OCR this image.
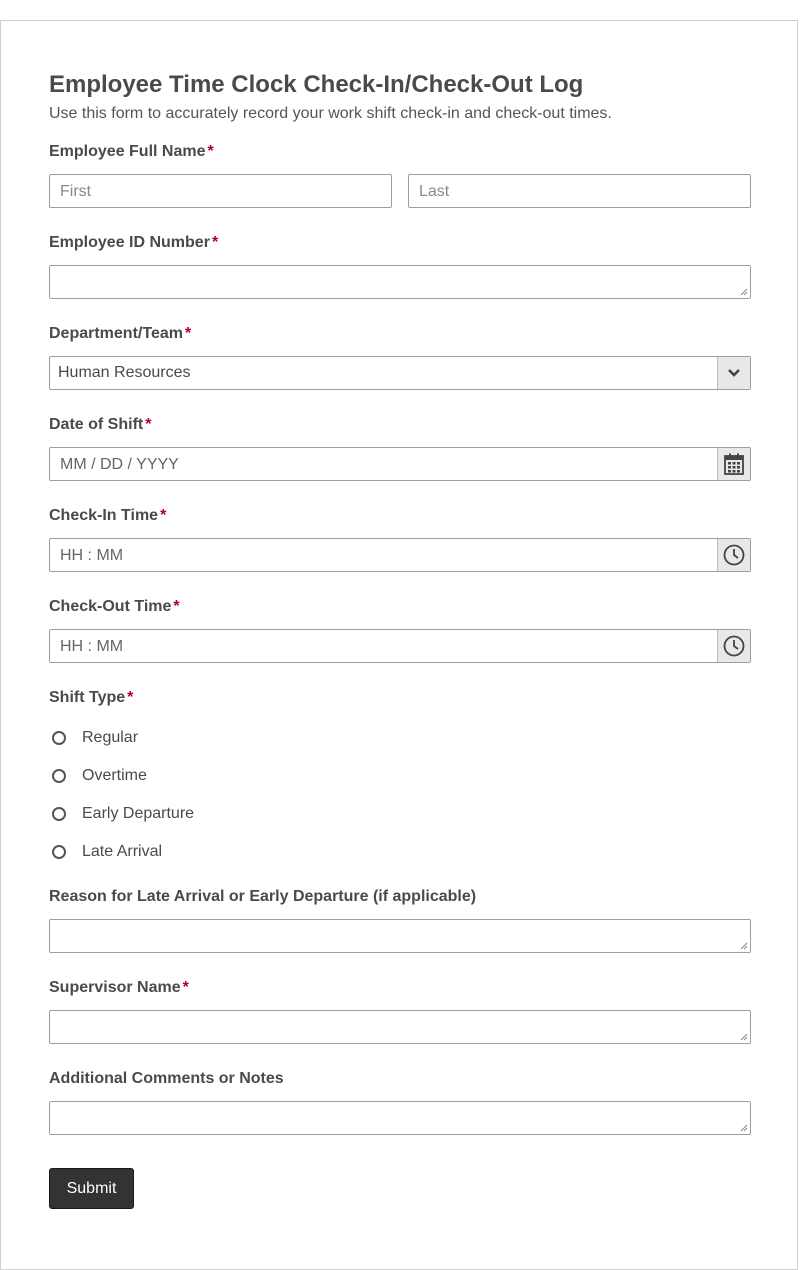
Employee Time Clock Check-In/Check-Out Log

Use this form to accurately record your work shift check-in and check-out times.

Employee Full Name *
First	Last
Employee ID Number *
Department/Team *
Human Resources
Date of Shift *
MM / DD / YYYY
Check-In Time *
HH : MM
Check-Out Time *
HH : MM
Shift Type *
Regular
Overtime
Early Departure
Late Arrival
Reason for Late Arrival or Early Departure (if applicable)
Supervisor Name *
Additional Comments or Notes
Submit
